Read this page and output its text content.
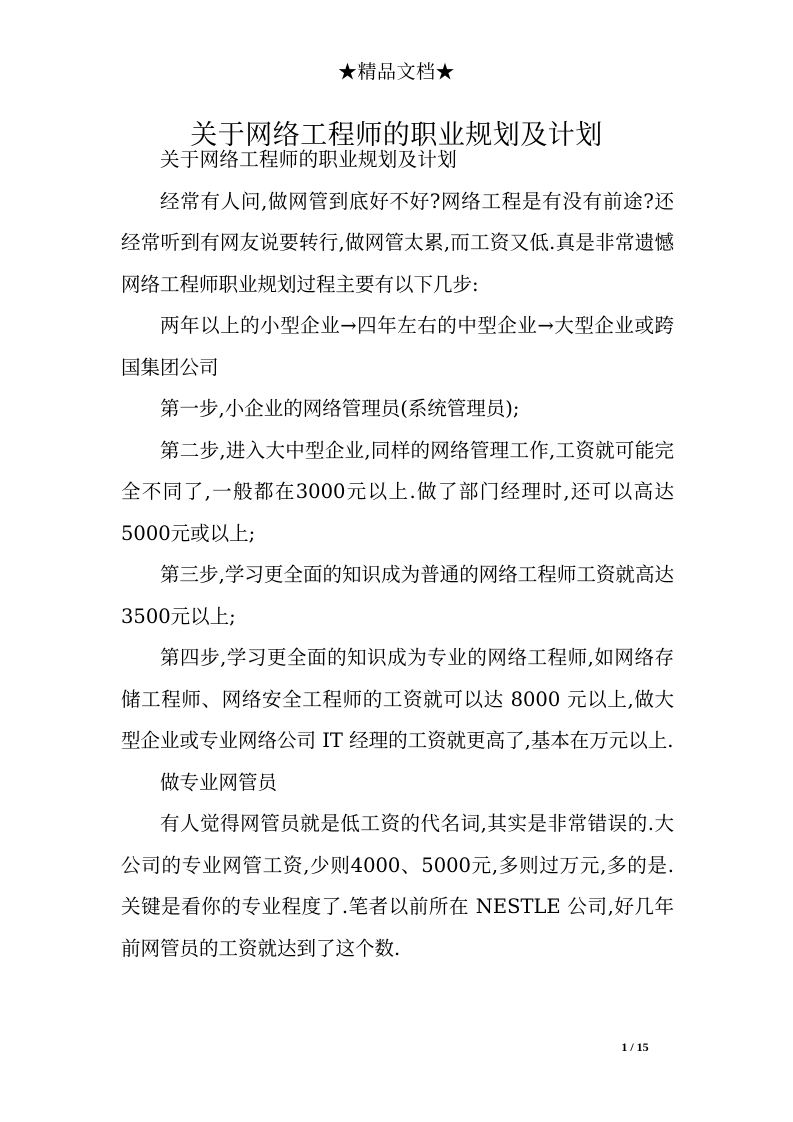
★精品文档★
关于网络工程师的职业规划及计划

关于网络工程师的职业规划及计划

经常有人问,做网管到底好不好?网络工程是有没有前途?还经常听到有网友说要转行,做网管太累,而工资又低.真是非常遗憾网络工程师职业规划过程主要有以下几步:

两年以上的小型企业→四年左右的中型企业→大型企业或跨国集团公司

第一步,小企业的网络管理员(系统管理员);

第二步,进入大中型企业,同样的网络管理工作,工资就可能完全不同了,一般都在3000元以上.做了部门经理时,还可以高达5000元或以上;

第三步,学习更全面的知识成为普通的网络工程师工资就高达3500元以上;

第四步,学习更全面的知识成为专业的网络工程师,如网络存储工程师、网络安全工程师的工资就可以达 8000 元以上,做大型企业或专业网络公司 IT 经理的工资就更高了,基本在万元以上.

做专业网管员

有人觉得网管员就是低工资的代名词,其实是非常错误的.大公司的专业网管工资,少则4000、5000元,多则过万元,多的是.关键是看你的专业程度了.笔者以前所在 NESTLE 公司,好几年前网管员的工资就达到了这个数.

1 / 15
